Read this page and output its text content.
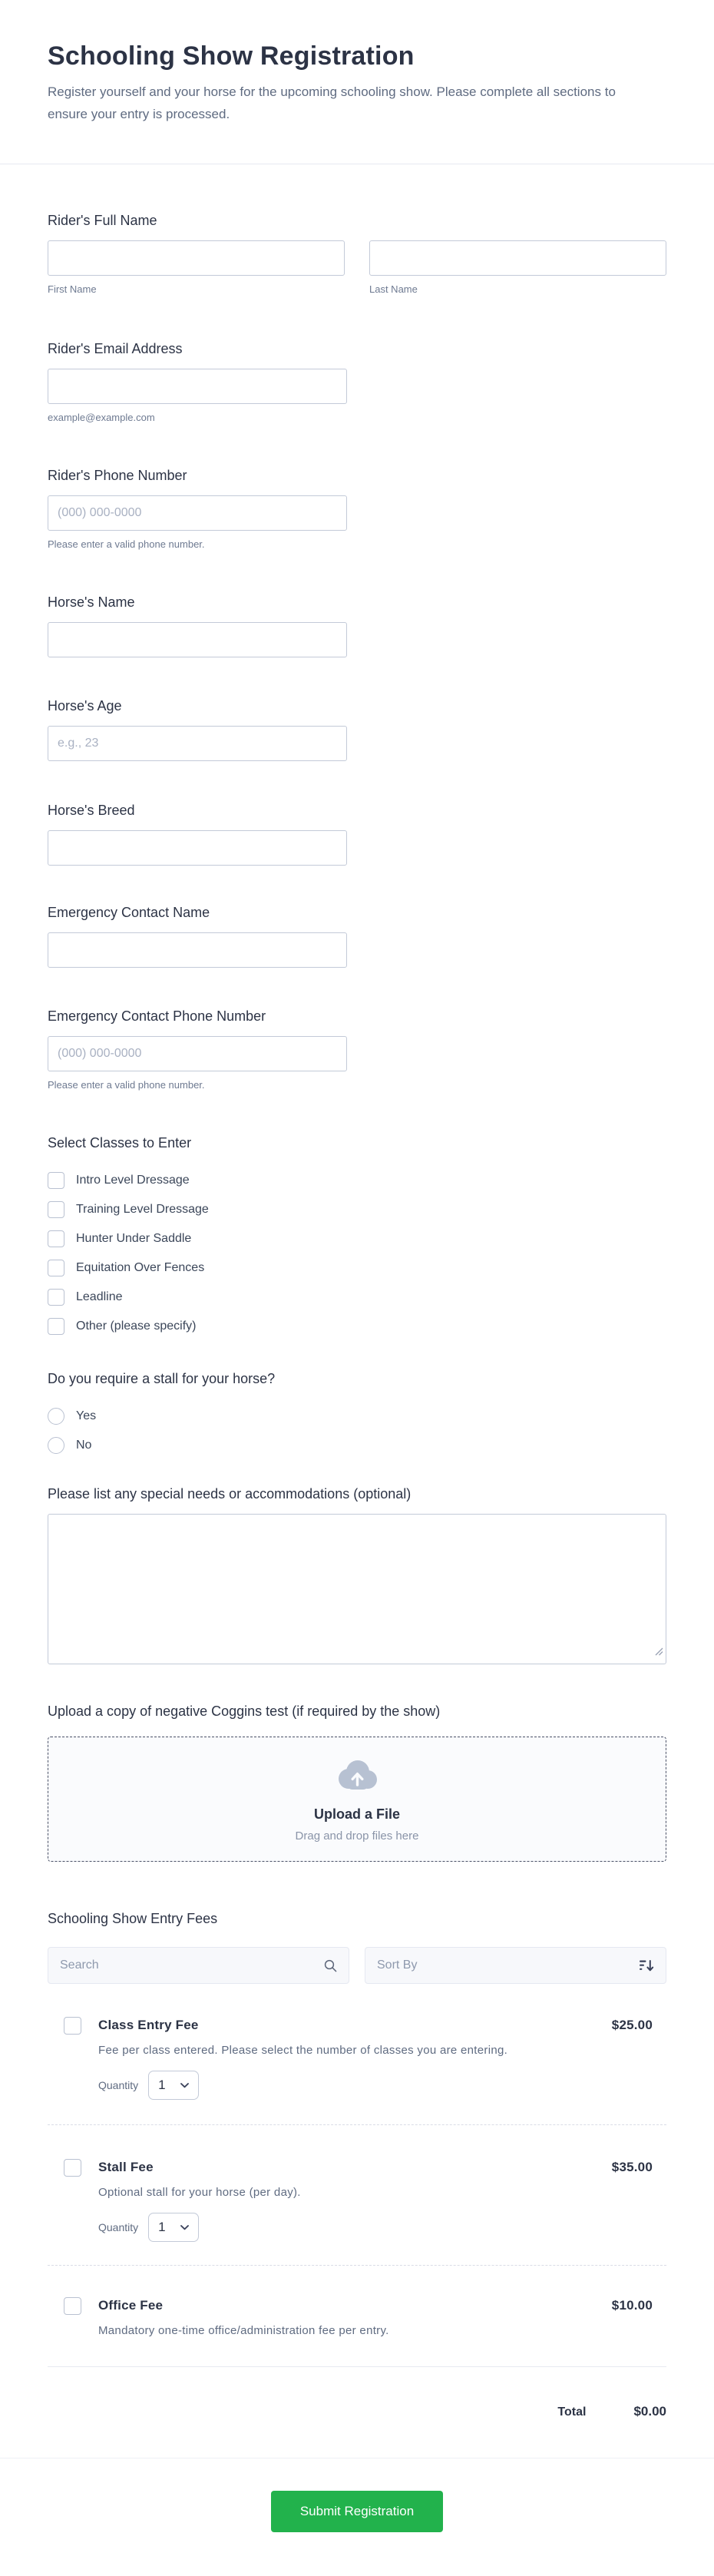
Schooling Show Registration
Register yourself and your horse for the upcoming schooling show. Please complete all sections to ensure your entry is processed.
Rider's Full Name
First Name	Last Name
Rider's Email Address
example@example.com
Rider's Phone Number
(000) 000-0000
Please enter a valid phone number.
Horse's Name
Horse's Age
e.g., 23
Horse's Breed
Emergency Contact Name
Emergency Contact Phone Number
(000) 000-0000
Please enter a valid phone number.
Select Classes to Enter
Intro Level Dressage
Training Level Dressage
Hunter Under Saddle
Equitation Over Fences
Leadline
Other (please specify)
Do you require a stall for your horse?
Yes
No
Please list any special needs or accommodations (optional)
Upload a copy of negative Coggins test (if required by the show)
Upload a File
Drag and drop files here
Schooling Show Entry Fees
Search
Sort By
Class Entry Fee	$25.00
Fee per class entered. Please select the number of classes you are entering.
Quantity 1
Stall Fee	$35.00
Optional stall for your horse (per day).
Quantity 1
Office Fee	$10.00
Mandatory one-time office/administration fee per entry.
Total	$0.00
Submit Registration
